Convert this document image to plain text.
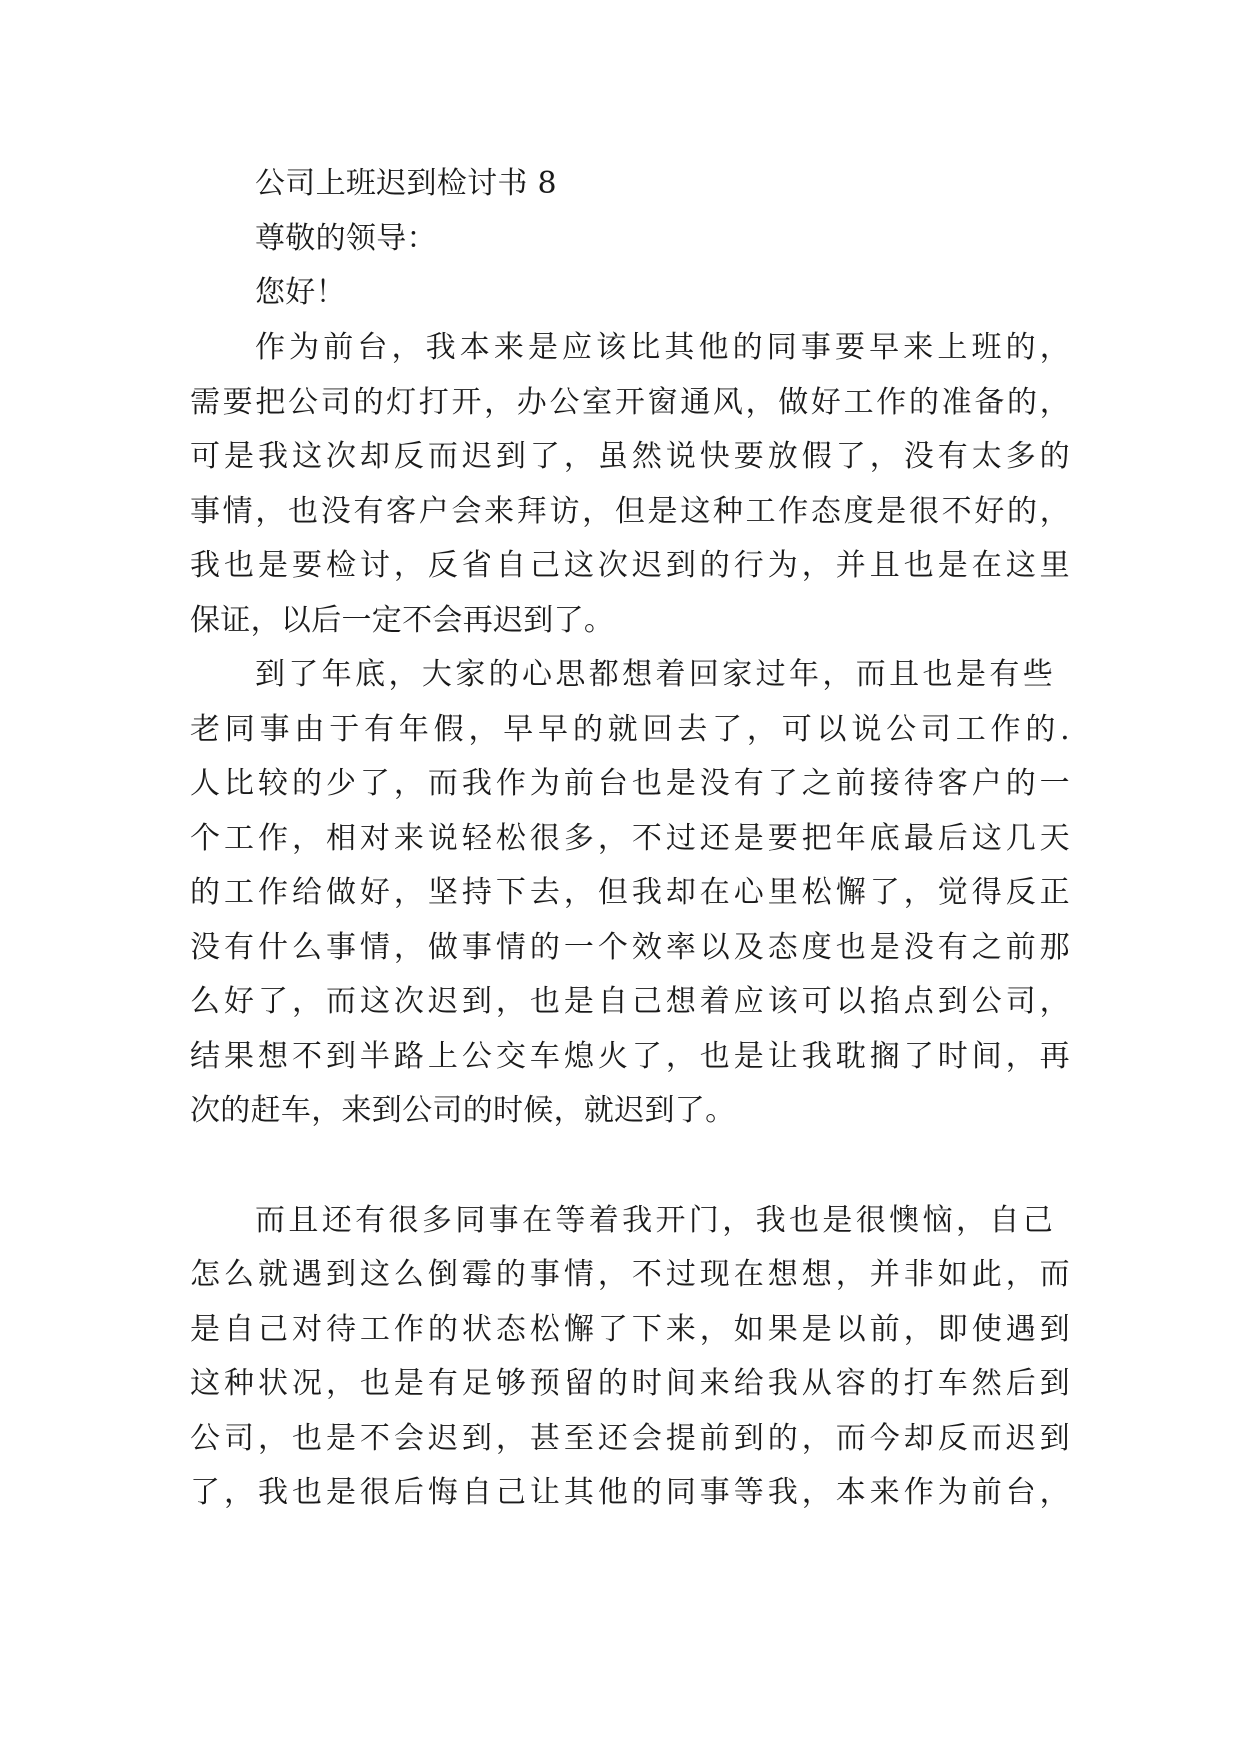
公司上班迟到检讨书 8
尊敬的领导：
您好！
作为前台，我本来是应该比其他的同事要早来上班的，
需要把公司的灯打开，办公室开窗通风，做好工作的准备的，
可是我这次却反而迟到了，虽然说快要放假了，没有太多的
事情，也没有客户会来拜访，但是这种工作态度是很不好的，
我也是要检讨，反省自己这次迟到的行为，并且也是在这里
保证，以后一定不会再迟到了。
到了年底，大家的心思都想着回家过年，而且也是有些
老同事由于有年假，早早的就回去了，可以说公司工作的.
人比较的少了，而我作为前台也是没有了之前接待客户的一
个工作，相对来说轻松很多，不过还是要把年底最后这几天
的工作给做好，坚持下去，但我却在心里松懈了，觉得反正
没有什么事情，做事情的一个效率以及态度也是没有之前那
么好了，而这次迟到，也是自己想着应该可以掐点到公司，
结果想不到半路上公交车熄火了，也是让我耽搁了时间，再
次的赶车，来到公司的时候，就迟到了。
而且还有很多同事在等着我开门，我也是很懊恼，自己
怎么就遇到这么倒霉的事情，不过现在想想，并非如此，而
是自己对待工作的状态松懈了下来，如果是以前，即使遇到
这种状况，也是有足够预留的时间来给我从容的打车然后到
公司，也是不会迟到，甚至还会提前到的，而今却反而迟到
了，我也是很后悔自己让其他的同事等我，本来作为前台，
